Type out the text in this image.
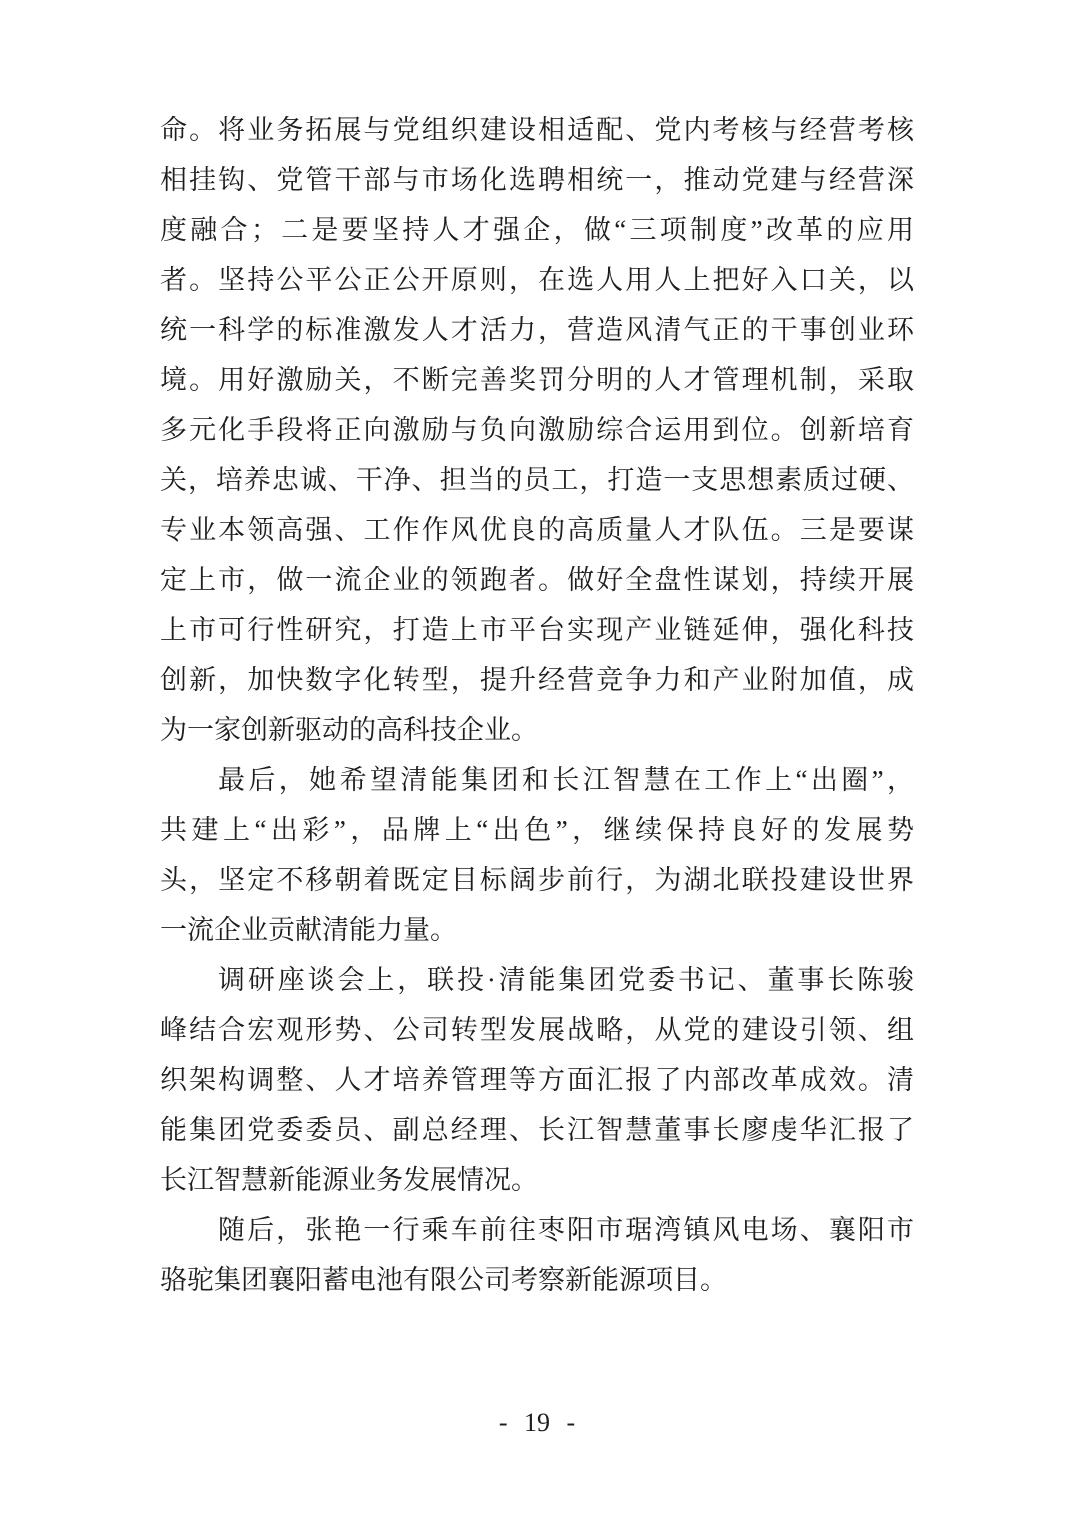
命。将业务拓展与党组织建设相适配、党内考核与经营考核
相挂钩、党管干部与市场化选聘相统一，推动党建与经营深
度融合；二是要坚持人才强企，做“三项制度”改革的应用
者。坚持公平公正公开原则，在选人用人上把好入口关，以
统一科学的标准激发人才活力，营造风清气正的干事创业环
境。用好激励关，不断完善奖罚分明的人才管理机制，采取
多元化手段将正向激励与负向激励综合运用到位。创新培育
关，培养忠诚、干净、担当的员工，打造一支思想素质过硬、
专业本领高强、工作作风优良的高质量人才队伍。三是要谋
定上市，做一流企业的领跑者。做好全盘性谋划，持续开展
上市可行性研究，打造上市平台实现产业链延伸，强化科技
创新，加快数字化转型，提升经营竞争力和产业附加值，成
为一家创新驱动的高科技企业。
最后，她希望清能集团和长江智慧在工作上“出圈”，
共建上“出彩”，品牌上“出色”，继续保持良好的发展势
头，坚定不移朝着既定目标阔步前行，为湖北联投建设世界
一流企业贡献清能力量。
调研座谈会上，联投·清能集团党委书记、董事长陈骏
峰结合宏观形势、公司转型发展战略，从党的建设引领、组
织架构调整、人才培养管理等方面汇报了内部改革成效。清
能集团党委委员、副总经理、长江智慧董事长廖虔华汇报了
长江智慧新能源业务发展情况。
随后，张艳一行乘车前往枣阳市琚湾镇风电场、襄阳市
骆驼集团襄阳蓄电池有限公司考察新能源项目。
- 19 -
